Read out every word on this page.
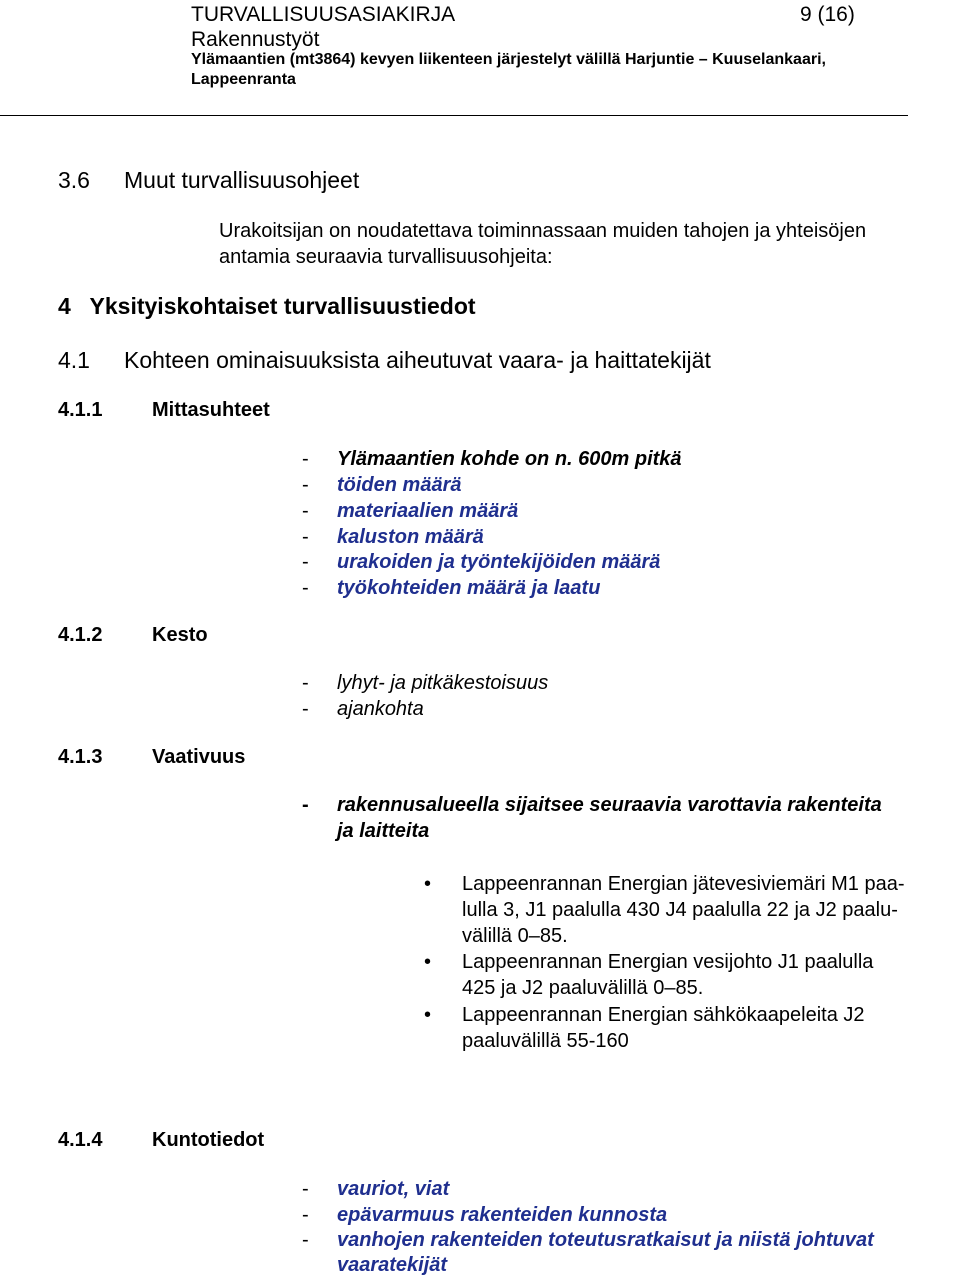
TURVALLISUUSASIAKIRJA	9 (16)
Rakennustyöt
Ylämaantien (mt3864) kevyen liikenteen järjestelyt välillä Harjuntie – Kuuselankaari,
Lappeenranta
3.6 Muut turvallisuusohjeet
Urakoitsijan on noudatettava toiminnassaan muiden tahojen ja yhteisöjen
antamia seuraavia turvallisuusohjeita:
4   Yksityiskohtaiset turvallisuustiedot
4.1 Kohteen ominaisuuksista aiheutuvat vaara- ja haittatekijät
4.1.1 Mittasuhteet
- Ylämaantien kohde on n. 600m pitkä
- töiden määrä
- materiaalien määrä
- kaluston määrä
- urakoiden ja työntekijöiden määrä
- työkohteiden määrä ja laatu
4.1.2 Kesto
- lyhyt- ja pitkäkestoisuus
- ajankohta
4.1.3 Vaativuus
- rakennusalueella sijaitsee seuraavia varottavia rakenteita
ja laitteita
• Lappeenrannan Energian jätevesiviemäri M1 paa-
lulla 3, J1 paalulla 430 J4 paalulla 22 ja J2 paalu-
välillä 0–85.
• Lappeenrannan Energian vesijohto J1 paalulla
425 ja J2 paaluvälillä 0–85.
• Lappeenrannan Energian sähkökaapeleita J2
paaluvälillä 55-160
4.1.4 Kuntotiedot
- vauriot, viat
- epävarmuus rakenteiden kunnosta
- vanhojen rakenteiden toteutusratkaisut ja niistä johtuvat
vaaratekijät
